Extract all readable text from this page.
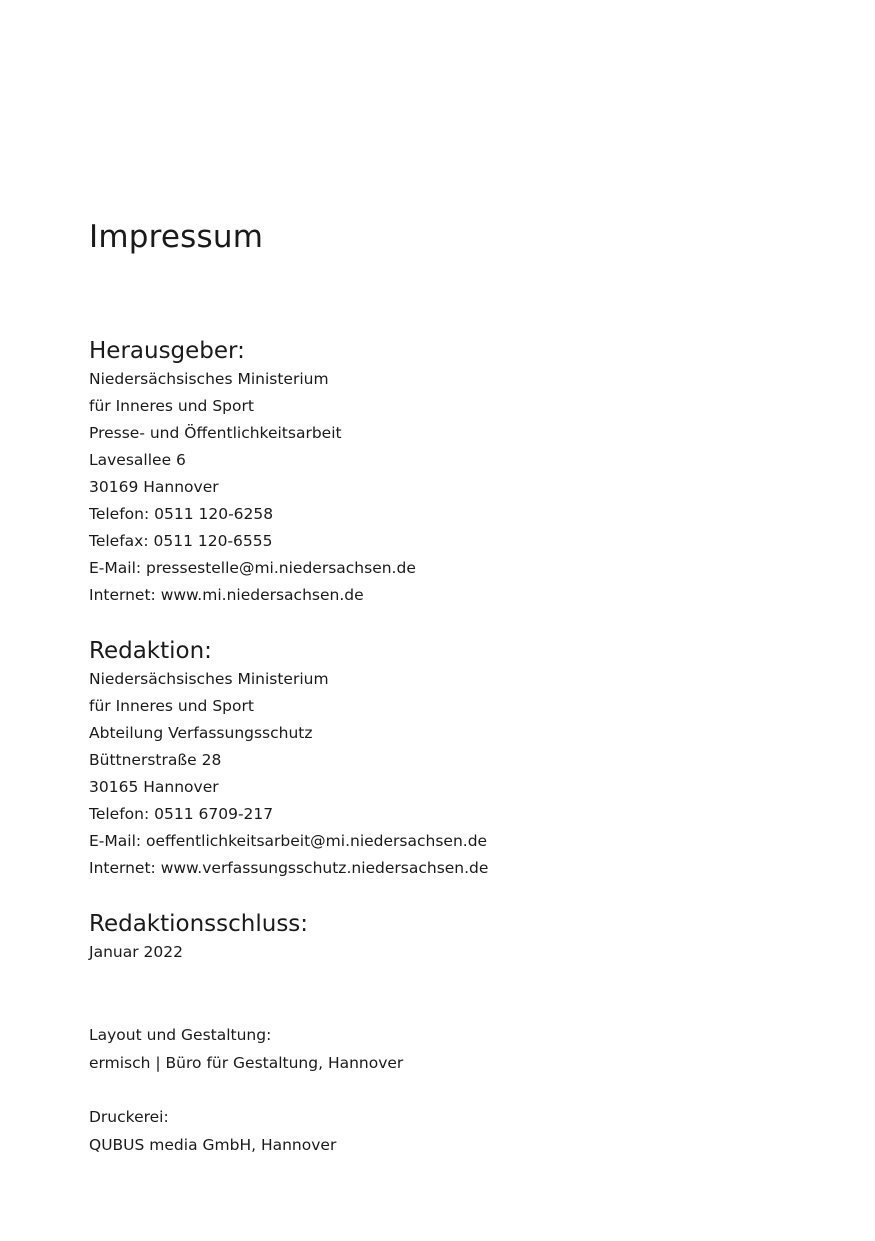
Impressum
Herausgeber:
Niedersächsisches Ministerium
für Inneres und Sport
Presse- und Öffentlichkeitsarbeit
Lavesallee 6
30169 Hannover
Telefon: 0511 120-6258
Telefax: 0511 120-6555
E-Mail: pressestelle@mi.niedersachsen.de
Internet: www.mi.niedersachsen.de
Redaktion:
Niedersächsisches Ministerium
für Inneres und Sport
Abteilung Verfassungsschutz
Büttnerstraße 28
30165 Hannover
Telefon: 0511 6709-217
E-Mail: oeffentlichkeitsarbeit@mi.niedersachsen.de
Internet: www.verfassungsschutz.niedersachsen.de
Redaktionsschluss:
Januar 2022
Layout und Gestaltung:
ermisch | Büro für Gestaltung, Hannover
Druckerei:
QUBUS media GmbH, Hannover
